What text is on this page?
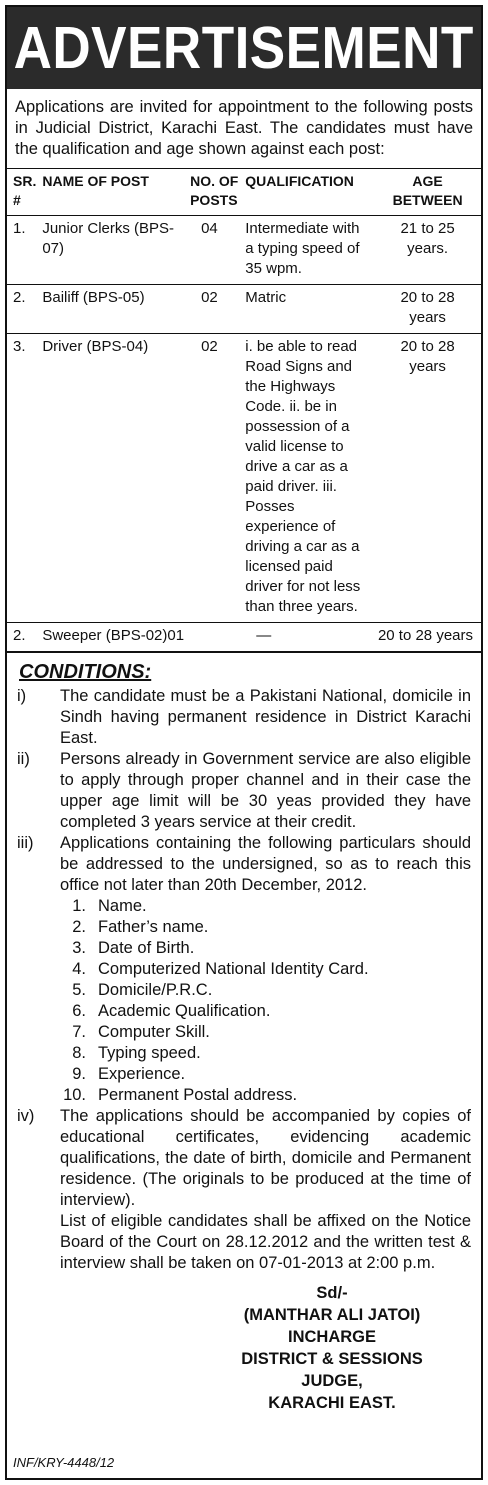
ADVERTISEMENT

Applications are invited for appointment to the following posts in Judicial District, Karachi East. The candidates must have the qualification and age shown against each post:

SR. #	NAME OF POST	NO. OF POSTS	QUALIFICATION	AGE BETWEEN
1.	Junior Clerks (BPS-07)	04	Intermediate with a typing speed of 35 wpm.	21 to 25 years.
2.	Bailiff (BPS-05)	02	Matric	20 to 28 years
3.	Driver (BPS-04)	02	i. be able to read Road Signs and the Highways Code. ii. be in possession of a valid license to drive a car as a paid driver. iii. Posses experience of driving a car as a licensed paid driver for not less than three years.	20 to 28 years
2.	Sweeper (BPS-02)01		—	20 to 28 years
CONDITIONS:
i)	The candidate must be a Pakistani National, domicile in Sindh having permanent residence in District Karachi East.
ii)	Persons already in Government service are also eligible to apply through proper channel and in their case the upper age limit will be 30 yeas provided they have completed 3 years service at their credit.
iii)	Applications containing the following particulars should be addressed to the undersigned, so as to reach this office not later than 20th December, 2012.
1. Name.
2. Father’s name.
3. Date of Birth.
4. Computerized National Identity Card.
5. Domicile/P.R.C.
6. Academic Qualification.
7. Computer Skill.
8. Typing speed.
9. Experience.
10. Permanent Postal address.
iv)	The applications should be accompanied by copies of educational certificates, evidencing academic qualifications, the date of birth, domicile and Permanent residence. (The originals to be produced at the time of interview).
List of eligible candidates shall be affixed on the Notice Board of the Court on 28.12.2012 and the written test & interview shall be taken on 07-01-2013 at 2:00 p.m.
Sd/-
(MANTHAR ALI JATOI)
INCHARGE
DISTRICT & SESSIONS
JUDGE,
KARACHI EAST.
INF/KRY-4448/12
